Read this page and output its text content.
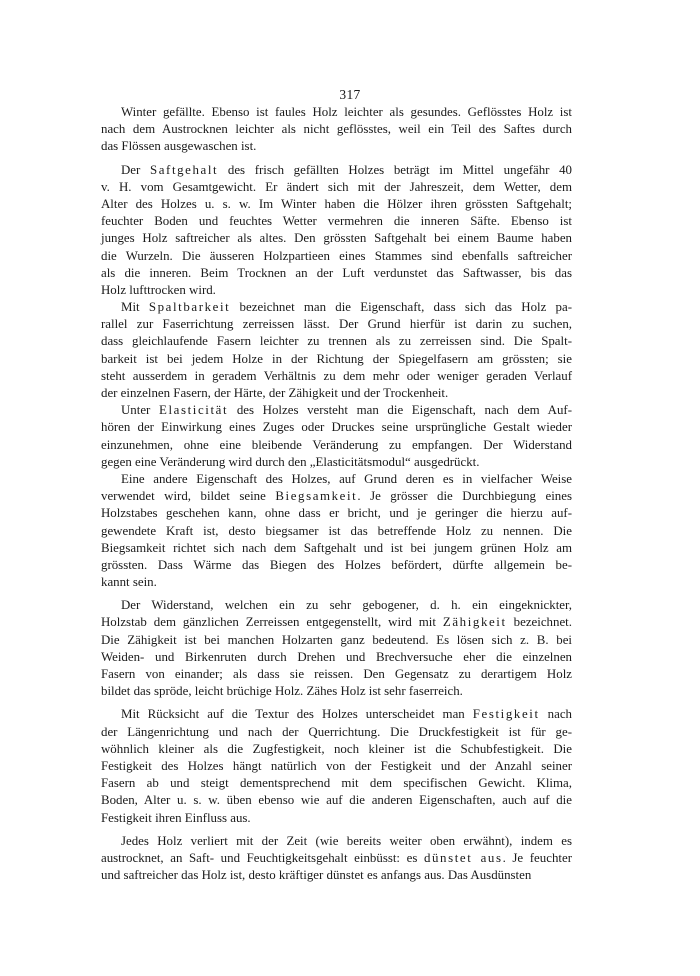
317
Winter gefällte. Ebenso ist faules Holz leichter als gesundes. Geflösstes Holz ist
nach dem Austrocknen leichter als nicht geflösstes, weil ein Teil des Saftes durch
das Flössen ausgewaschen ist.
Der Saftgehalt des frisch gefällten Holzes beträgt im Mittel ungefähr 40
v. H. vom Gesamtgewicht. Er ändert sich mit der Jahreszeit, dem Wetter, dem
Alter des Holzes u. s. w. Im Winter haben die Hölzer ihren grössten Saftgehalt;
feuchter Boden und feuchtes Wetter vermehren die inneren Säfte. Ebenso ist
junges Holz saftreicher als altes. Den grössten Saftgehalt bei einem Baume haben
die Wurzeln. Die äusseren Holzpartieen eines Stammes sind ebenfalls saftreicher
als die inneren. Beim Trocknen an der Luft verdunstet das Saftwasser, bis das
Holz lufttrocken wird.
Mit Spaltbarkeit bezeichnet man die Eigenschaft, dass sich das Holz pa-
rallel zur Faserrichtung zerreissen lässt. Der Grund hierfür ist darin zu suchen,
dass gleichlaufende Fasern leichter zu trennen als zu zerreissen sind. Die Spalt-
barkeit ist bei jedem Holze in der Richtung der Spiegelfasern am grössten; sie
steht ausserdem in geradem Verhältnis zu dem mehr oder weniger geraden Verlauf
der einzelnen Fasern, der Härte, der Zähigkeit und der Trockenheit.
Unter Elasticität des Holzes versteht man die Eigenschaft, nach dem Auf-
hören der Einwirkung eines Zuges oder Druckes seine ursprüngliche Gestalt wieder
einzunehmen, ohne eine bleibende Veränderung zu empfangen. Der Widerstand
gegen eine Veränderung wird durch den „Elasticitätsmodul“ ausgedrückt.
Eine andere Eigenschaft des Holzes, auf Grund deren es in vielfacher Weise
verwendet wird, bildet seine Biegsamkeit. Je grösser die Durchbiegung eines
Holzstabes geschehen kann, ohne dass er bricht, und je geringer die hierzu auf-
gewendete Kraft ist, desto biegsamer ist das betreffende Holz zu nennen. Die
Biegsamkeit richtet sich nach dem Saftgehalt und ist bei jungem grünen Holz am
grössten. Dass Wärme das Biegen des Holzes befördert, dürfte allgemein be-
kannt sein.
Der Widerstand, welchen ein zu sehr gebogener, d. h. ein eingeknickter,
Holzstab dem gänzlichen Zerreissen entgegenstellt, wird mit Zähigkeit bezeichnet.
Die Zähigkeit ist bei manchen Holzarten ganz bedeutend. Es lösen sich z. B. bei
Weiden- und Birkenruten durch Drehen und Brechversuche eher die einzelnen
Fasern von einander; als dass sie reissen. Den Gegensatz zu derartigem Holz
bildet das spröde, leicht brüchige Holz. Zähes Holz ist sehr faserreich.
Mit Rücksicht auf die Textur des Holzes unterscheidet man Festigkeit nach
der Längenrichtung und nach der Querrichtung. Die Druckfestigkeit ist für ge-
wöhnlich kleiner als die Zugfestigkeit, noch kleiner ist die Schubfestigkeit. Die
Festigkeit des Holzes hängt natürlich von der Festigkeit und der Anzahl seiner
Fasern ab und steigt dementsprechend mit dem specifischen Gewicht. Klima,
Boden, Alter u. s. w. üben ebenso wie auf die anderen Eigenschaften, auch auf die
Festigkeit ihren Einfluss aus.
Jedes Holz verliert mit der Zeit (wie bereits weiter oben erwähnt), indem es
austrocknet, an Saft- und Feuchtigkeitsgehalt einbüsst: es dünstet aus. Je feuchter
und saftreicher das Holz ist, desto kräftiger dünstet es anfangs aus. Das Ausdünsten
